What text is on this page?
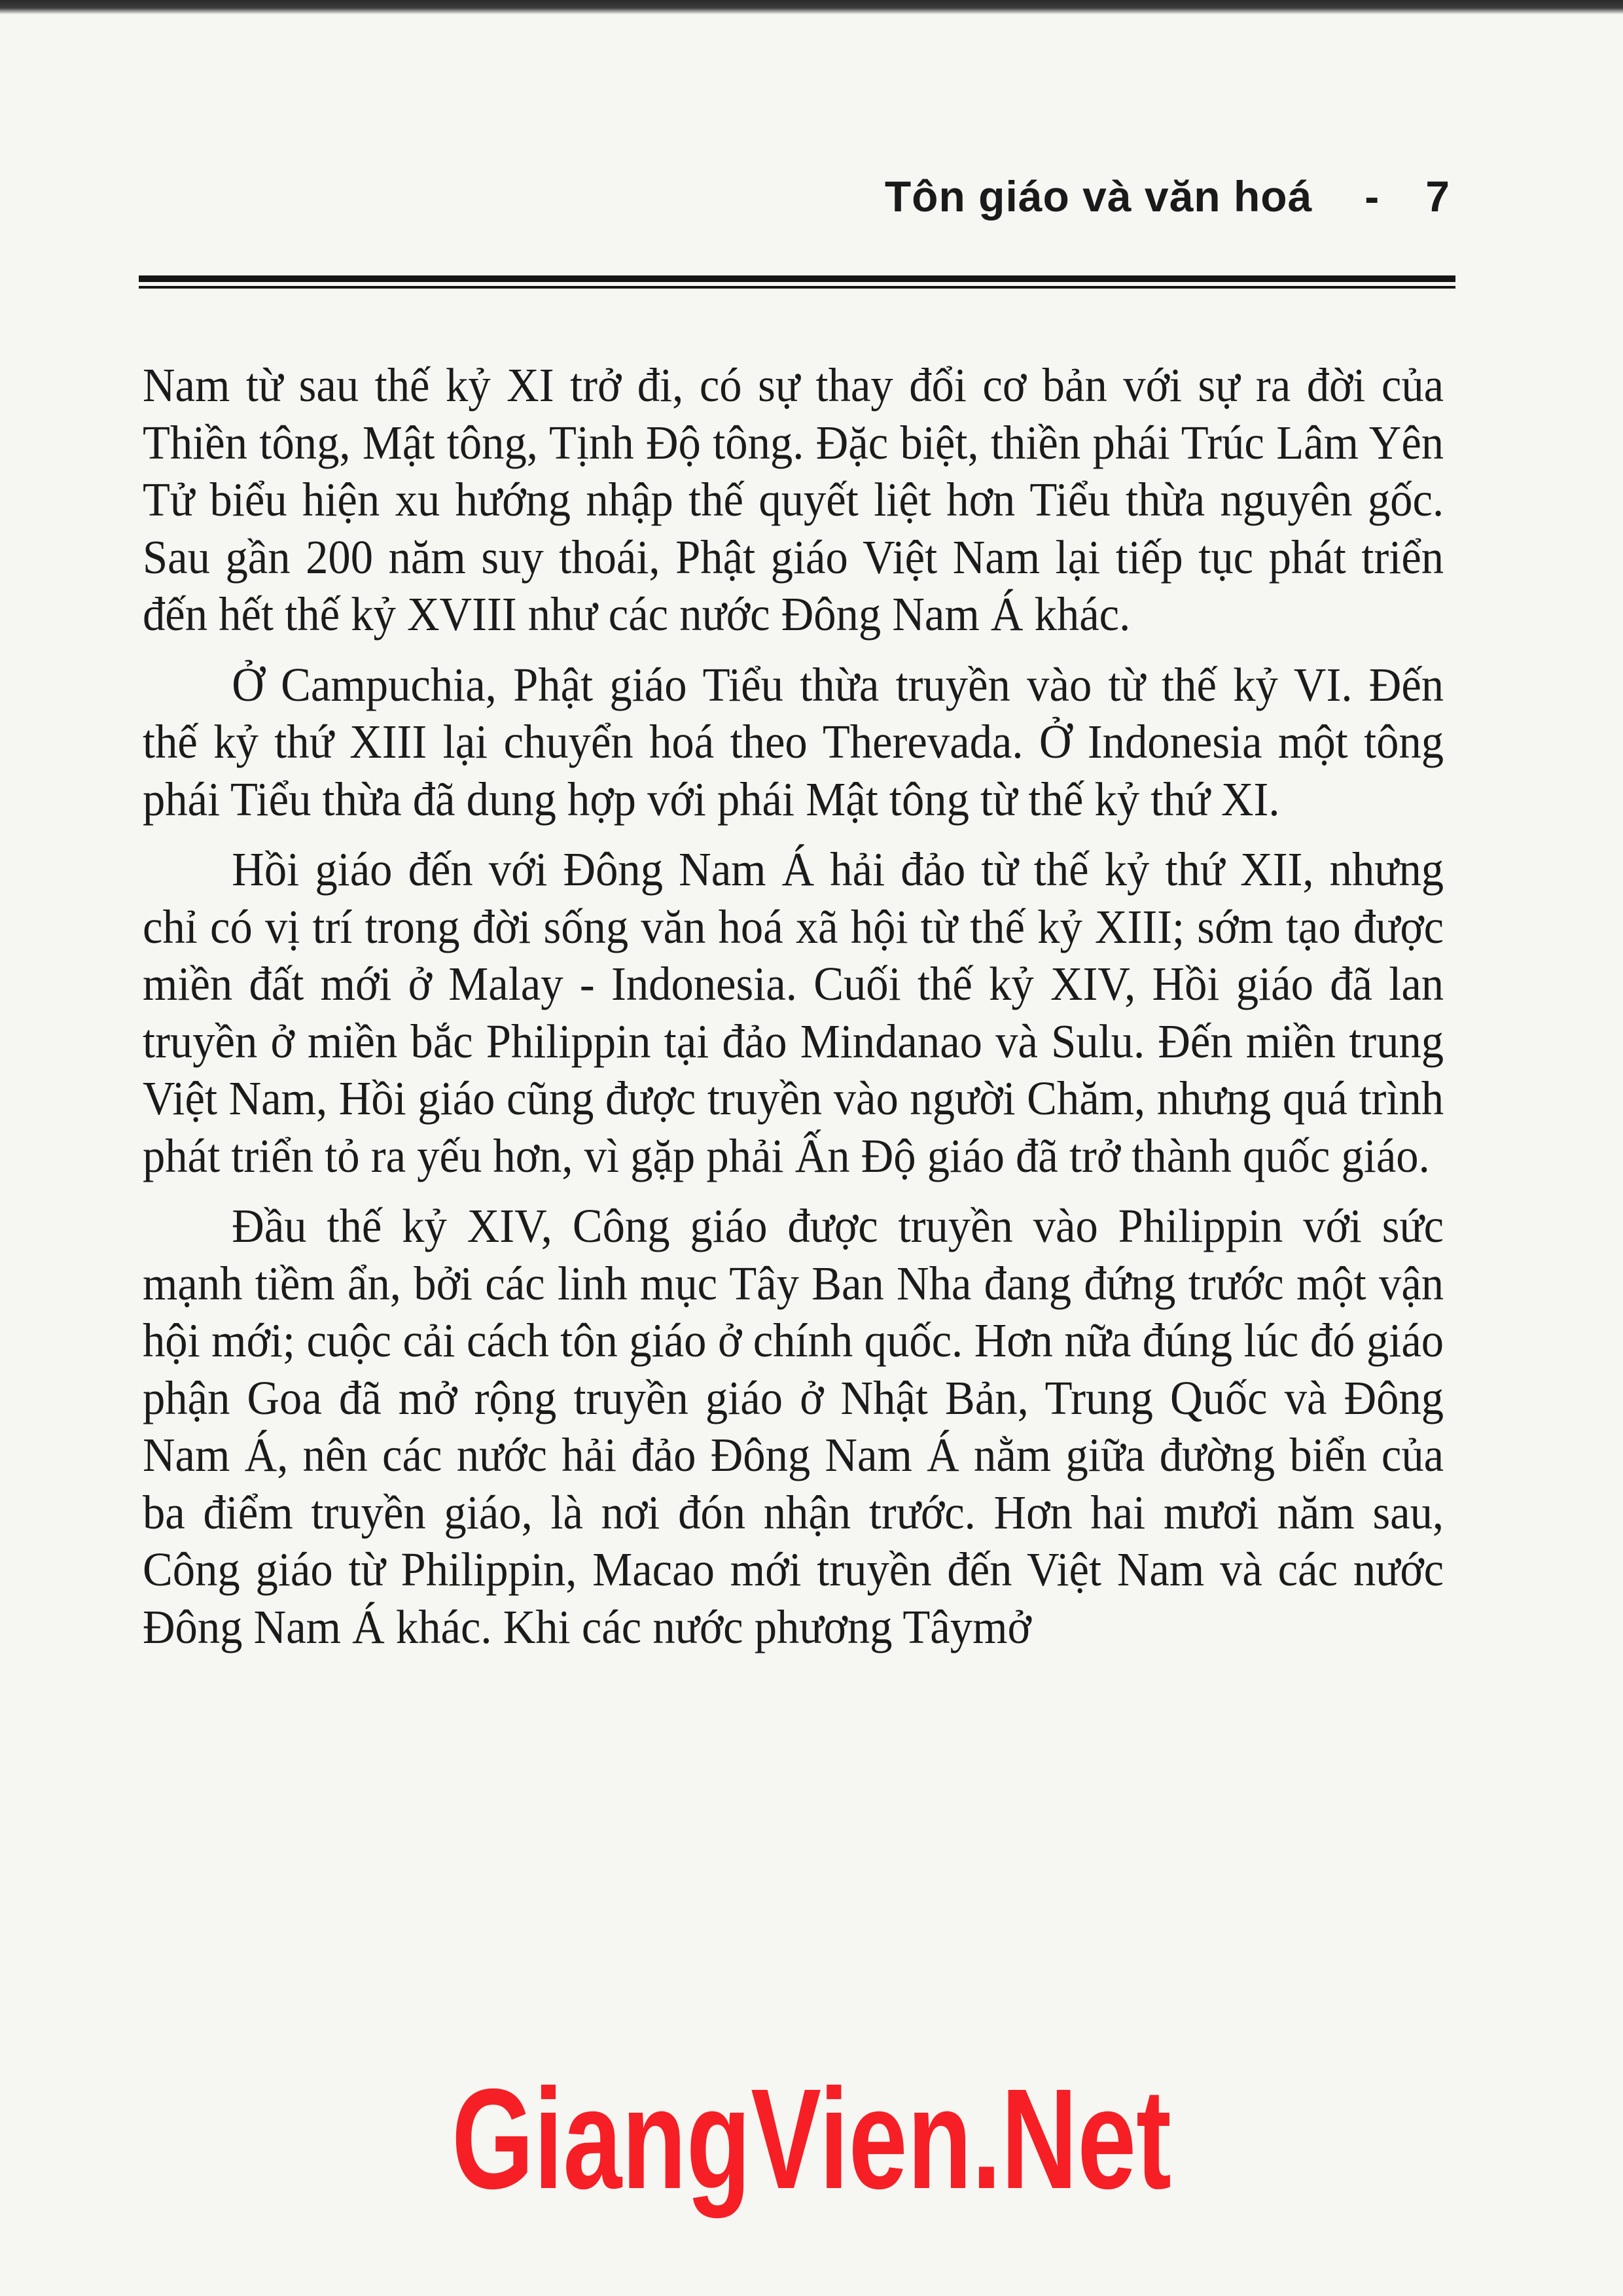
Tôn giáo và văn hoá - 7

Nam từ sau thế kỷ XI trở đi, có sự thay đổi cơ bản với sự ra đời của Thiền tông, Mật tông, Tịnh Độ tông. Đặc biệt, thiền phái Trúc Lâm Yên Tử biểu hiện xu hướng nhập thế quyết liệt hơn Tiểu thừa nguyên gốc. Sau gần 200 năm suy thoái, Phật giáo Việt Nam lại tiếp tục phát triển đến hết thế kỷ XVIII như các nước Đông Nam Á khác.

Ở Campuchia, Phật giáo Tiểu thừa truyền vào từ thế kỷ VI. Đến thế kỷ thứ XIII lại chuyển hoá theo Therevada. Ở Indonesia một tông phái Tiểu thừa đã dung hợp với phái Mật tông từ thế kỷ thứ XI.

Hồi giáo đến với Đông Nam Á hải đảo từ thế kỷ thứ XII, nhưng chỉ có vị trí trong đời sống văn hoá xã hội từ thế kỷ XIII; sớm tạo được miền đất mới ở Malay - Indonesia. Cuối thế kỷ XIV, Hồi giáo đã lan truyền ở miền bắc Philippin tại đảo Mindanao và Sulu. Đến miền trung Việt Nam, Hồi giáo cũng được truyền vào người Chăm, nhưng quá trình phát triển tỏ ra yếu hơn, vì gặp phải Ấn Độ giáo đã trở thành quốc giáo.

Đầu thế kỷ XIV, Công giáo được truyền vào Philippin với sức mạnh tiềm ẩn, bởi các linh mục Tây Ban Nha đang đứng trước một vận hội mới; cuộc cải cách tôn giáo ở chính quốc. Hơn nữa đúng lúc đó giáo phận Goa đã mở rộng truyền giáo ở Nhật Bản, Trung Quốc và Đông Nam Á, nên các nước hải đảo Đông Nam Á nằm giữa đường biển của ba điểm truyền giáo, là nơi đón nhận trước. Hơn hai mươi năm sau, Công giáo từ Philippin, Macao mới truyền đến Việt Nam và các nước Đông Nam Á khác. Khi các nước phương Tâymở

GiangVien.Net
